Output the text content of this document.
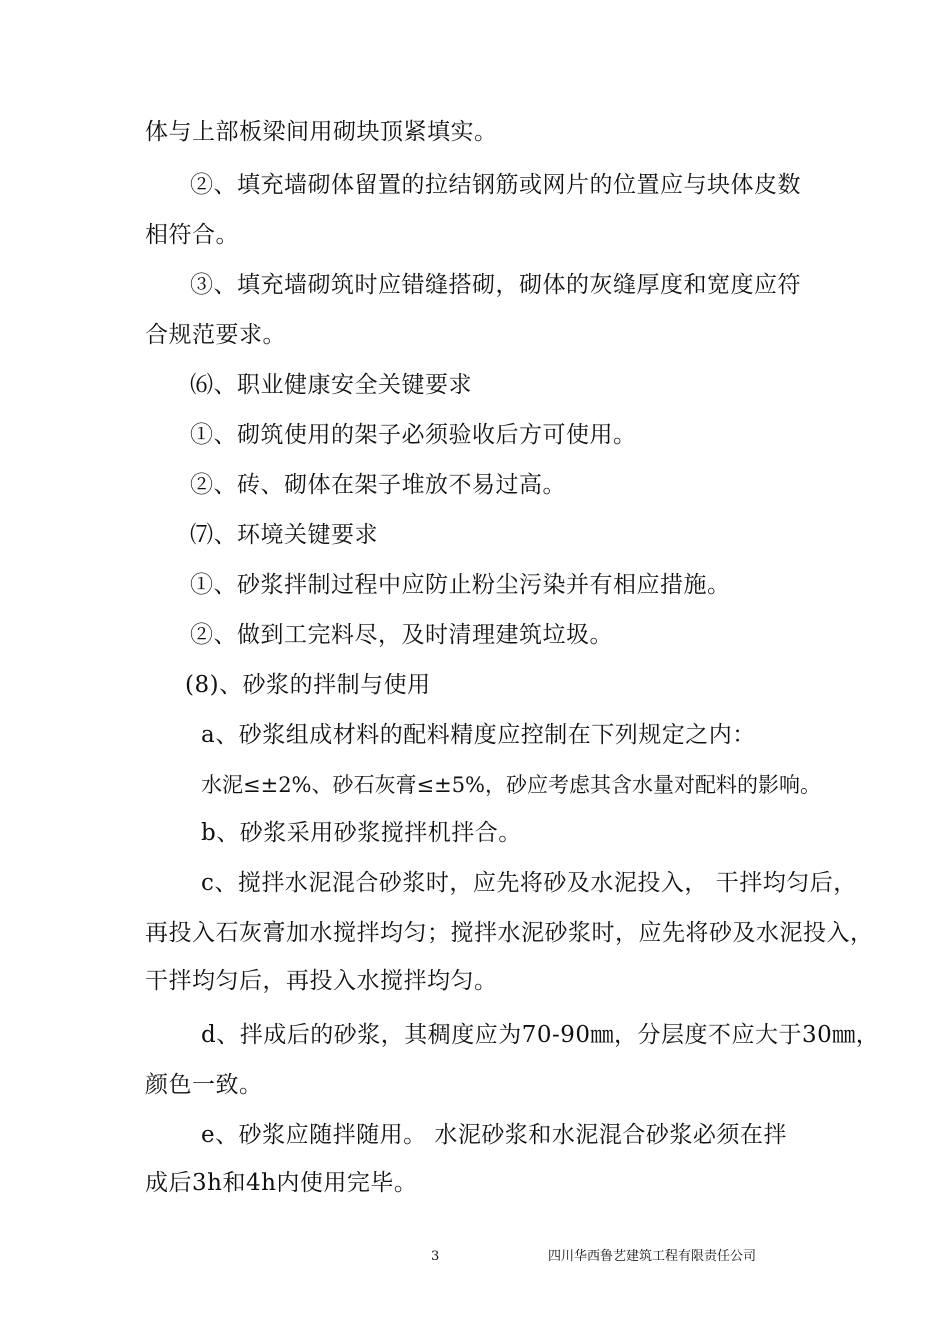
体与上部板梁间用砌块顶紧填实。
②、填充墙砌体留置的拉结钢筋或网片的位置应与块体皮数
相符合。
③、填充墙砌筑时应错缝搭砌，砌体的灰缝厚度和宽度应符
合规范要求。
⑹、职业健康安全关键要求
①、砌筑使用的架子必须验收后方可使用。
②、砖、砌体在架子堆放不易过高。
⑺、环境关键要求
①、砂浆拌制过程中应防止粉尘污染并有相应措施。
②、做到工完料尽，及时清理建筑垃圾。
(8)、砂浆的拌制与使用
a、砂浆组成材料的配料精度应控制在下列规定之内：
水泥≤±2%、砂石灰膏≤±5%，砂应考虑其含水量对配料的影响。
b、砂浆采用砂浆搅拌机拌合。
c、搅拌水泥混合砂浆时，应先将砂及水泥投入， 干拌均匀后，
再投入石灰膏加水搅拌均匀；搅拌水泥砂浆时，应先将砂及水泥投入，
干拌均匀后，再投入水搅拌均匀。
d、拌成后的砂浆，其稠度应为70-90㎜，分层度不应大于30㎜，
颜色一致。
e、砂浆应随拌随用。 水泥砂浆和水泥混合砂浆必须在拌
成后3h和4h内使用完毕。
3	四川华西鲁艺建筑工程有限责任公司
